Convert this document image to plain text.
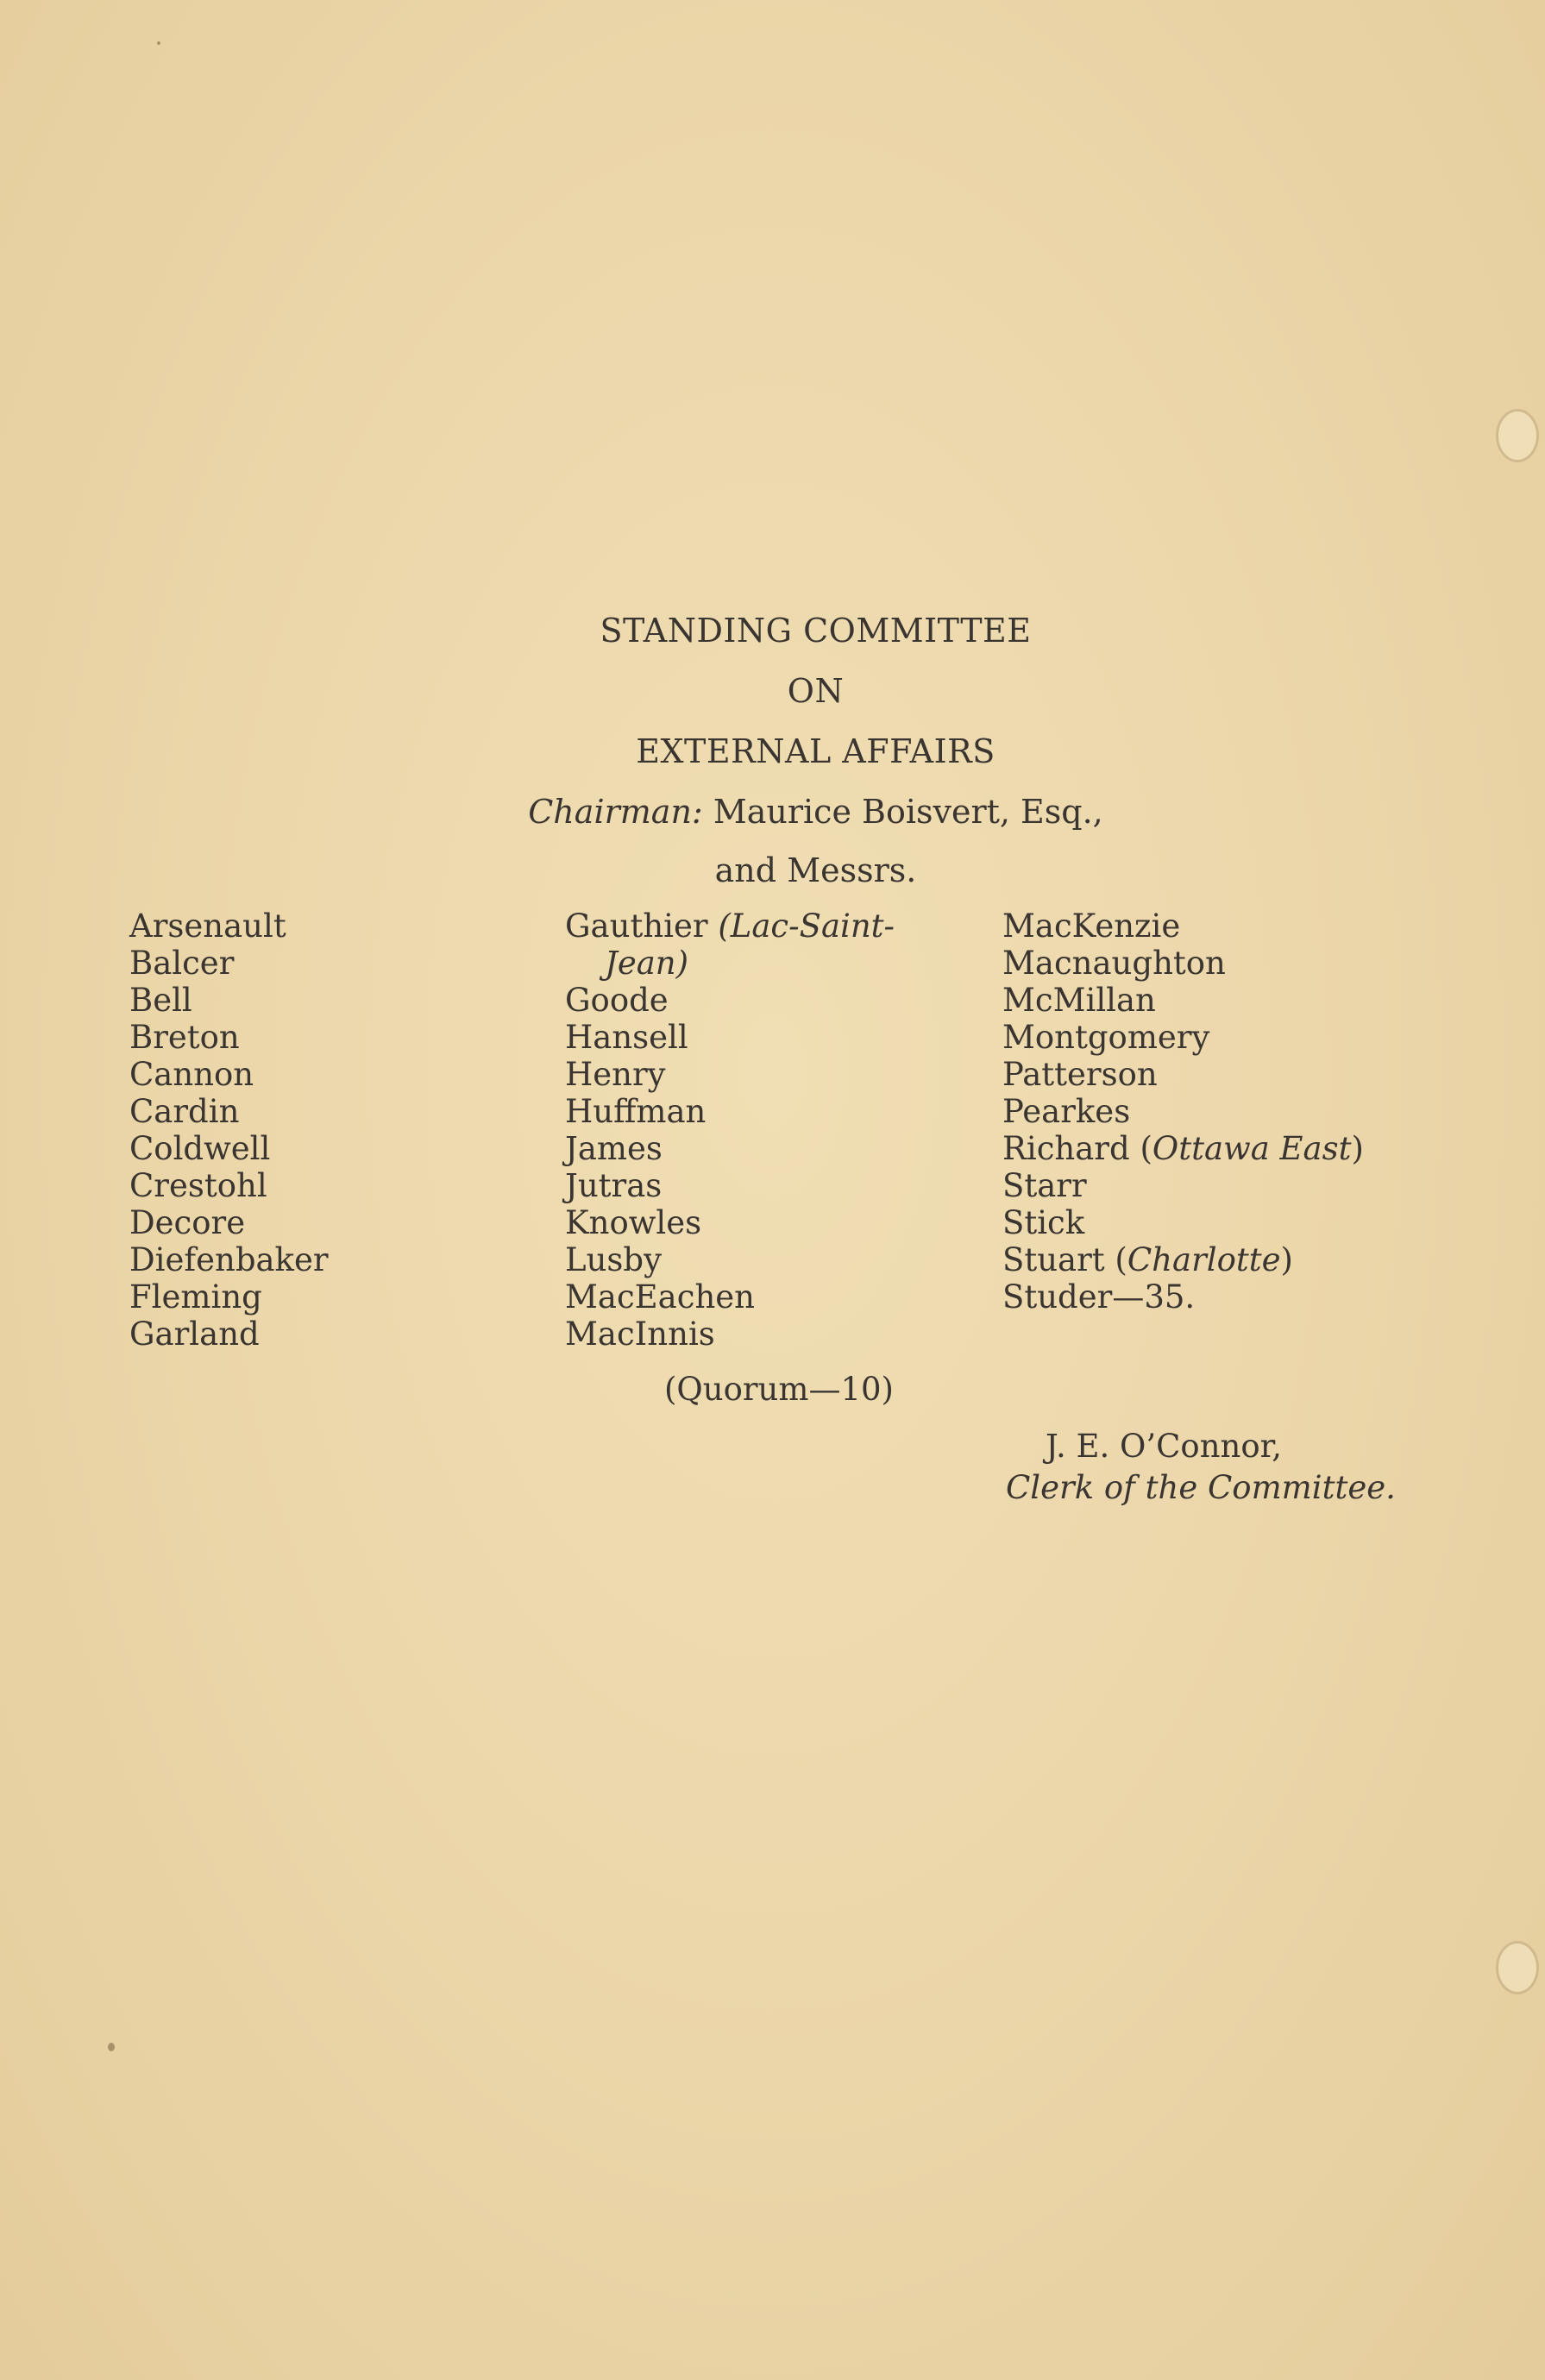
STANDING COMMITTEE
ON
EXTERNAL AFFAIRS
Chairman: Maurice Boisvert, Esq.,
and Messrs.
Arsenault
Balcer
Bell
Breton
Cannon
Cardin
Coldwell
Crestohl
Decore
Diefenbaker
Fleming
Garland
Gauthier (Lac-Saint-
Jean)
Goode
Hansell
Henry
Huffman
James
Jutras
Knowles
Lusby
MacEachen
MacInnis
MacKenzie
Macnaughton
McMillan
Montgomery
Patterson
Pearkes
Richard (Ottawa East)
Starr
Stick
Stuart (Charlotte)
Studer—35.
(Quorum—10)
J. E. O’Connor,
Clerk of the Committee.
